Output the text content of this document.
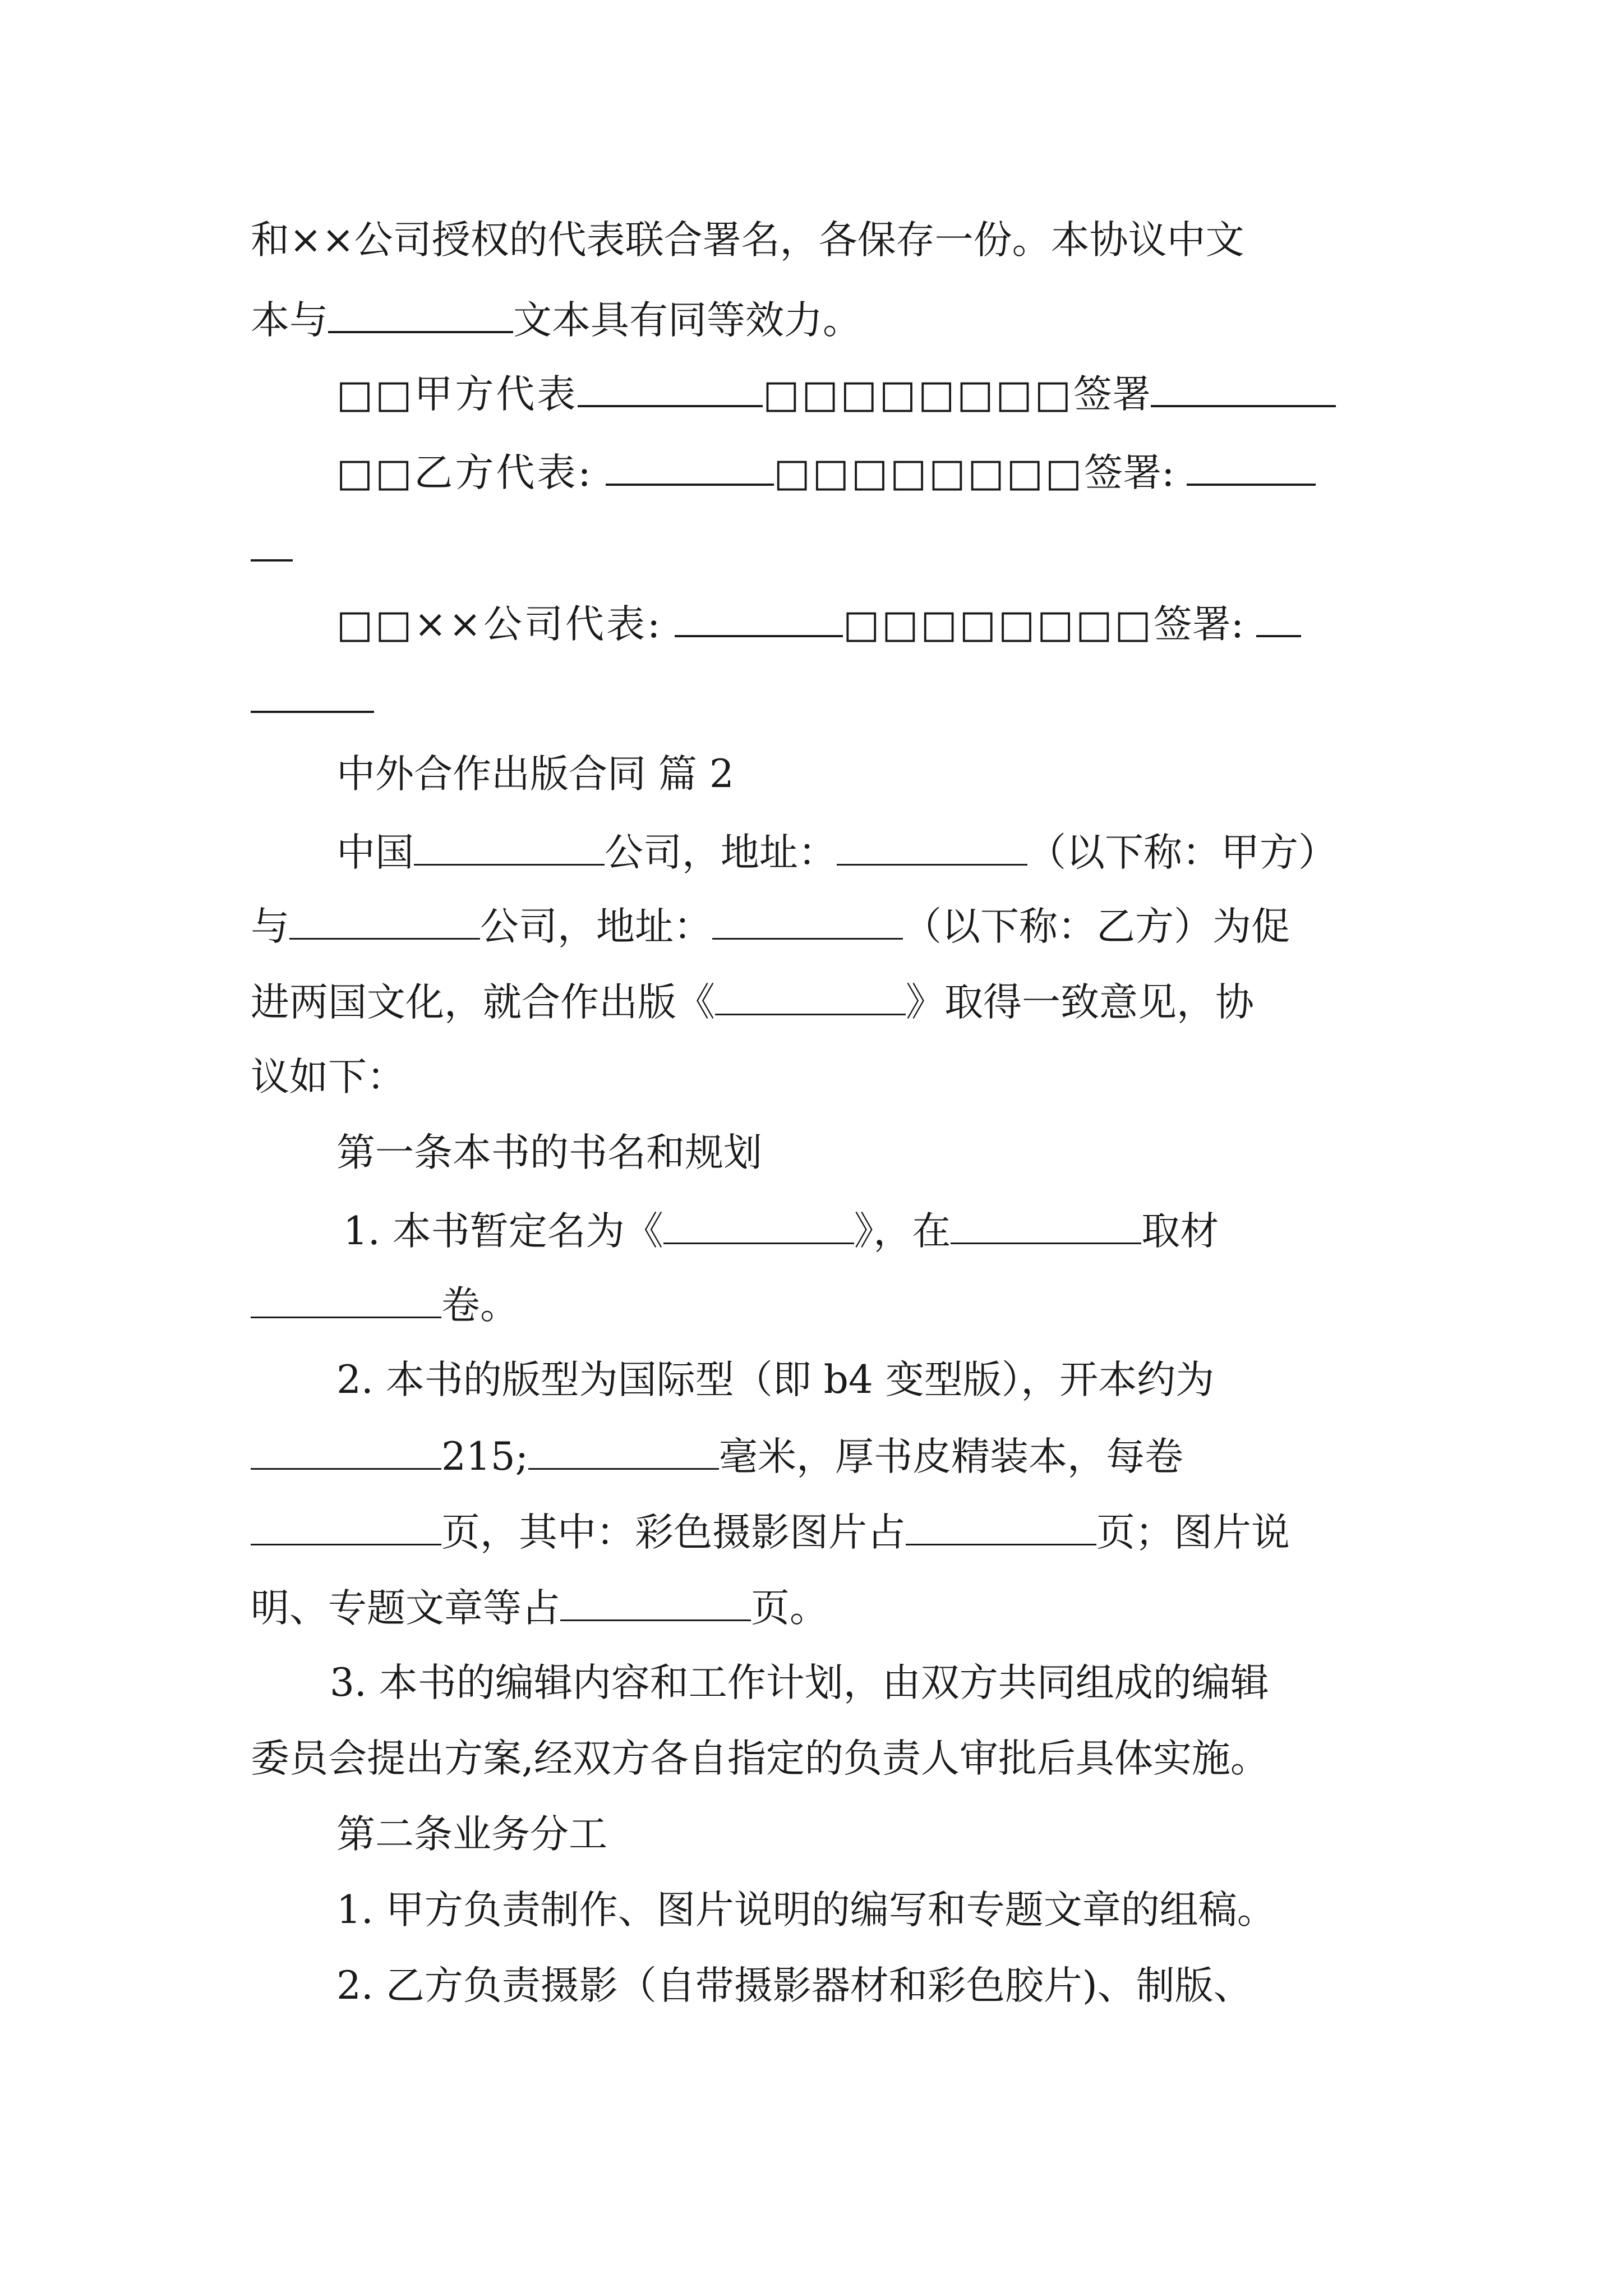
和××公司授权的代表联合署名，各保存一份。本协议中文
本与	文本具有同等效力。
□□甲方代表	□□□□□□□□签署
□□乙方代表:	□□□□□□□□签署:
□□××公司代表:	□□□□□□□□签署:
中外合作出版合同 篇 2
中国	公司，地址：	（以下称：甲方）
与	公司，地址：	（以下称：乙方）为促
进两国文化，就合作出版《	》取得一致意见，协
议如下：
第一条本书的书名和规划
1. 本书暂定名为《	》，在	取材
卷。
2. 本书的版型为国际型（即 b4 变型版），开本约为
215;	毫米，厚书皮精装本，每卷
页，其中：彩色摄影图片占	页；图片说
明、专题文章等占	页。
3. 本书的编辑内容和工作计划，由双方共同组成的编辑
委员会提出方案,经双方各自指定的负责人审批后具体实施。
第二条业务分工
1. 甲方负责制作、图片说明的编写和专题文章的组稿。
2. 乙方负责摄影（自带摄影器材和彩色胶片)、制版、
